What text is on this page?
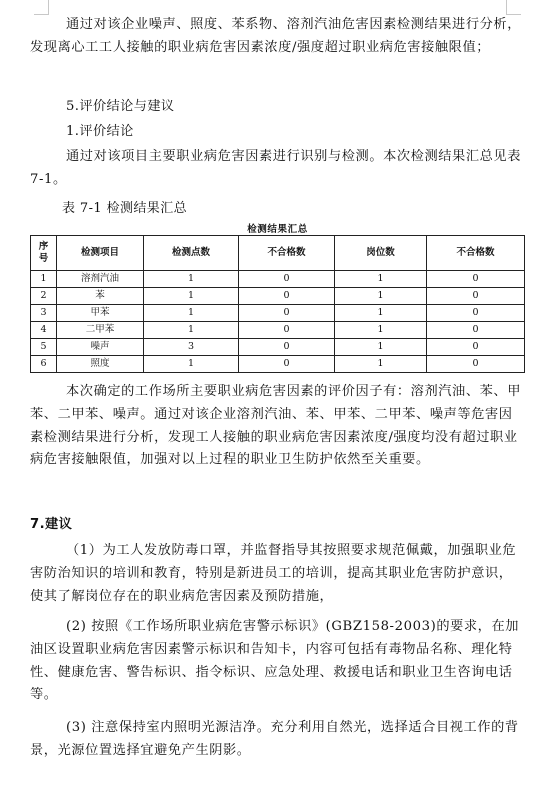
通过对该企业噪声、照度、苯系物、溶剂汽油危害因素检测结果进行分析，发现离心工工人接触的职业病危害因素浓度/强度超过职业病危害接触限值；

5.评价结论与建议

1.评价结论

通过对该项目主要职业病危害因素进行识别与检测。本次检测结果汇总见表 7-1。

表 7-1 检测结果汇总
检测结果汇总
序
号	检测项目	检测点数	不合格数	岗位数	不合格数
1	溶剂汽油	1	0	1	0
2	苯	1	0	1	0
3	甲苯	1	0	1	0
4	二甲苯	1	0	1	0
5	噪声	3	0	1	0
6	照度	1	0	1	0

本次确定的工作场所主要职业病危害因素的评价因子有：溶剂汽油、苯、甲苯、二甲苯、噪声。通过对该企业溶剂汽油、苯、甲苯、二甲苯、噪声等危害因素检测结果进行分析，发现工人接触的职业病危害因素浓度/强度均没有超过职业病危害接触限值，加强对以上过程的职业卫生防护依然至关重要。

7.建议

（1）为工人发放防毒口罩，并监督指导其按照要求规范佩戴，加强职业危害防治知识的培训和教育，特别是新进员工的培训，提高其职业危害防护意识，使其了解岗位存在的职业病危害因素及预防措施，

(2) 按照《工作场所职业病危害警示标识》(GBZ158-2003)的要求，在加油区设置职业病危害因素警示标识和告知卡，内容可包括有毒物品名称、理化特性、健康危害、警告标识、指令标识、应急处理、救援电话和职业卫生咨询电话等。

(3) 注意保持室内照明光源洁净。充分利用自然光，选择适合目视工作的背景，光源位置选择宜避免产生阴影。
